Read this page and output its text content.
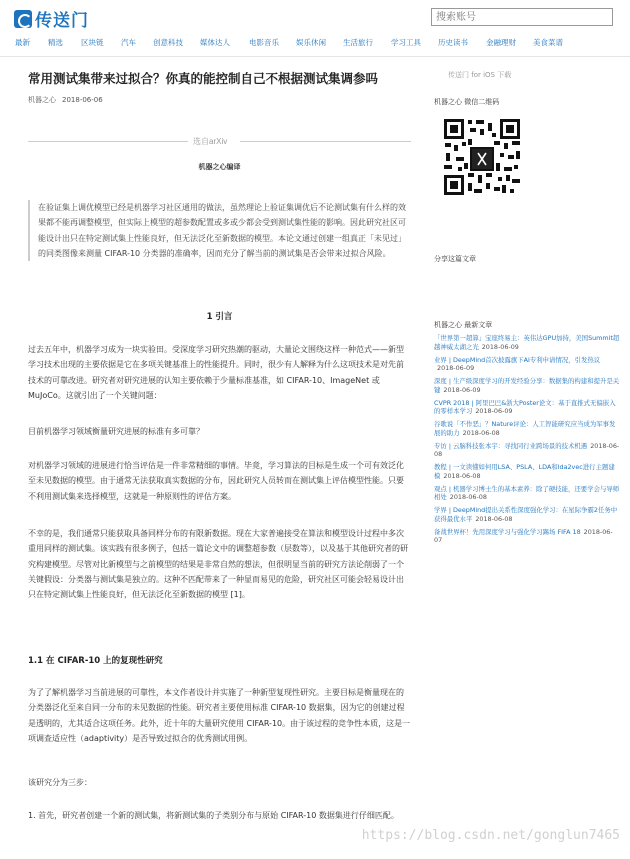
传送门
搜索账号
最新 精选 区块链 汽车 创意科技 媒体达人	电影音乐 娱乐休闲 生活旅行 学习工具 历史读书 金融理财 美食菜谱
常用测试集带来过拟合？你真的能控制自己不根据测试集调参吗
机器之心 2018-06-06
选自arXiv
机器之心编译
在验证集上调优模型已经是机器学习社区通用的做法，虽然理论上验证集调优后不论测试集有什么样的效果都不能再调整模型，但实际上模型的超参数配置或多或少都会受到测试集性能的影响。因此研究社区可能设计出只在特定测试集上性能良好，但无法泛化至新数据的模型。本论文通过创建一组真正「未见过」的同类图像来测量 CIFAR-10 分类器的准确率，因而充分了解当前的测试集是否会带来过拟合风险。
1 引言
过去五年中，机器学习成为一块实验田。受深度学习研究热潮的驱动，大量论文围绕这样一种范式——新型学习技术出现的主要依据是它在多项关键基准上的性能提升。同时，很少有人解释为什么这项技术是对先前技术的可靠改进。研究者对研究进展的认知主要依赖于少量标准基准，如 CIFAR-10、ImageNet 或 MuJoCo。这就引出了一个关键问题：
目前机器学习领域衡量研究进展的标准有多可靠？
对机器学习领域的进展进行恰当评估是一件非常精细的事情。毕竟，学习算法的目标是生成一个可有效泛化至未见数据的模型。由于通常无法获取真实数据的分布，因此研究人员转而在测试集上评估模型性能。只要不利用测试集来选择模型，这就是一种原则性的评估方案。
不幸的是，我们通常只能获取具备同样分布的有限新数据。现在大家普遍接受在算法和模型设计过程中多次重用同样的测试集。该实践有很多例子，包括一篇论文中的调整超参数（层数等），以及基于其他研究者的研究构建模型。尽管对比新模型与之前模型的结果是非常自然的想法，但很明显当前的研究方法论削弱了一个关键假设：分类器与测试集是独立的。这种不匹配带来了一种显而易见的危险，研究社区可能会轻易设计出只在特定测试集上性能良好，但无法泛化至新数据的模型 [1]。
1.1 在 CIFAR-10 上的复现性研究
为了了解机器学习当前进展的可靠性，本文作者设计并实施了一种新型复现性研究。主要目标是衡量现在的分类器泛化至来自同一分布的未见数据的性能。研究者主要使用标准 CIFAR-10 数据集，因为它的创建过程是透明的，尤其适合这项任务。此外，近十年的大量研究使用 CIFAR-10。由于该过程的竞争性本质，这是一项调查适应性（adaptivity）是否导致过拟合的优秀测试用例。
该研究分为三步：
1. 首先，研究者创建一个新的测试集，将新测试集的子类别分布与原始 CIFAR-10 数据集进行仔细匹配。
传送门 for iOS 下载
机器之心 微信二维码
分享这篇文章
机器之心 最新文章
「世界第一超算」宝座终易主：英伟达GPU加持，美国Summit超越神威太湖之光 2018-06-09
业界 | DeepMind首次披露旗下AI专利申请情况，引发热议2018-06-09
深度 | 生产级深度学习的开发经验分享：数据集的构建和提升是关键 2018-06-09
CVPR 2018 | 阿里巴巴&浙大Poster论文：基于直推式无偏嵌入的零样本学习 2018-06-09
谷歌说「不作恶」？Nature评论：人工智能研究应当成为军事发展的助力 2018-06-08
专访 | 云脑科技张本宇：寻找同行业跨场景的技术机遇 2018-06-08
教程 | 一文读懂如何用LSA、PSLA、LDA和lda2vec进行主题建模 2018-06-08
观点 | 机器学习博士生的基本素养：除了硬技能，还要学会与导师相处 2018-06-08
学界 | DeepMind提出关系性深度强化学习：在星际争霸2任务中获得最优水平 2018-06-08
备战世界杯！先用深度学习与强化学习踢场 FIFA 18 2018-06-07
https://blog.csdn.net/gonglun7465
